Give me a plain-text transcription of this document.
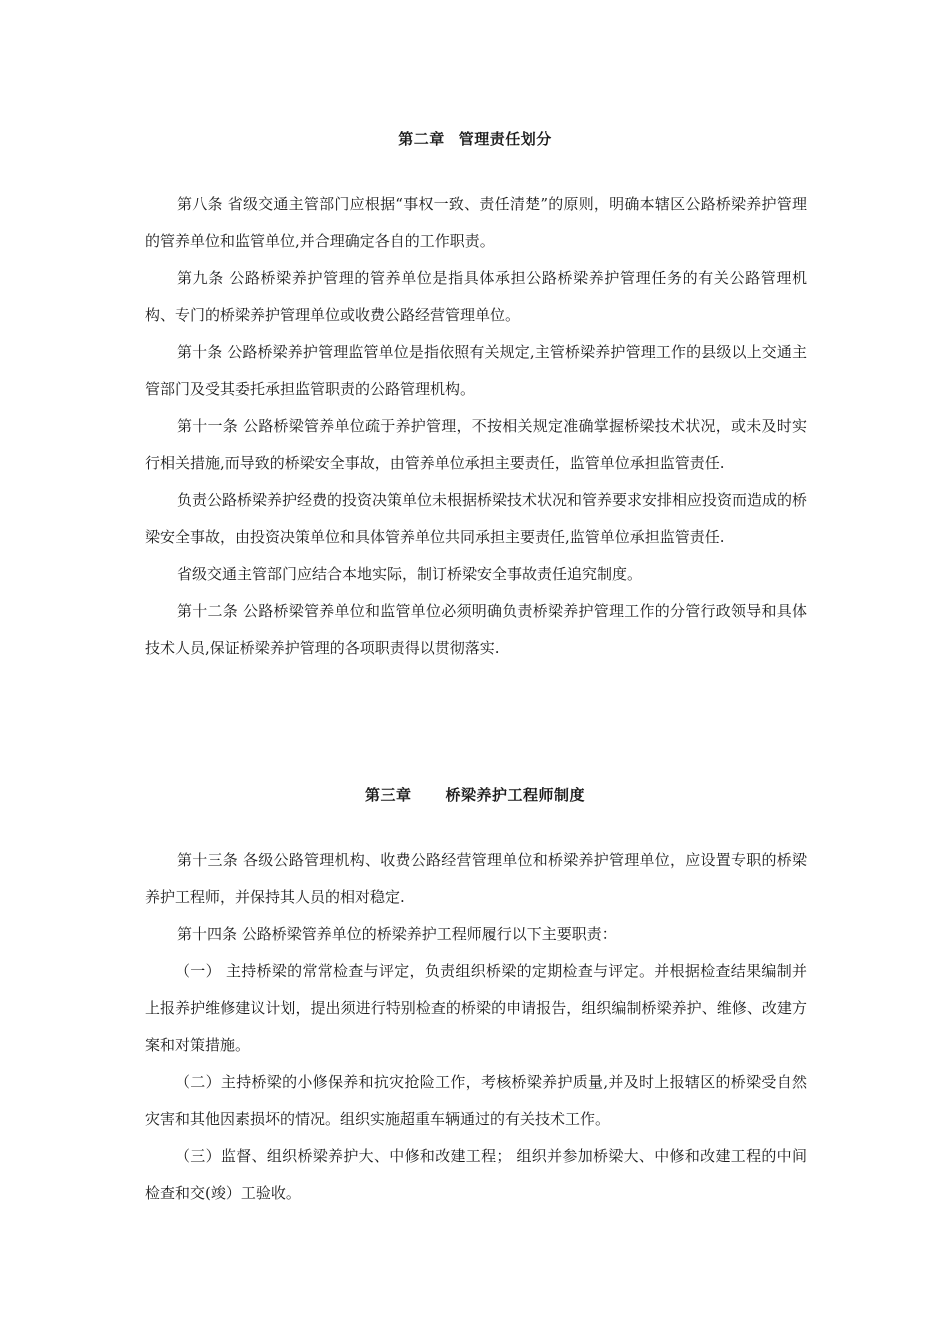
第二章 管理责任划分

第八条 省级交通主管部门应根据“事权一致、责任清楚”的原则，明确本辖区公路桥梁养护管理的管养单位和监管单位,并合理确定各自的工作职责。

第九条 公路桥梁养护管理的管养单位是指具体承担公路桥梁养护管理任务的有关公路管理机构、专门的桥梁养护管理单位或收费公路经营管理单位。

第十条 公路桥梁养护管理监管单位是指依照有关规定,主管桥梁养护管理工作的县级以上交通主管部门及受其委托承担监管职责的公路管理机构。

第十一条 公路桥梁管养单位疏于养护管理，不按相关规定准确掌握桥梁技术状况，或未及时实行相关措施,而导致的桥梁安全事故，由管养单位承担主要责任，监管单位承担监管责任.

负责公路桥梁养护经费的投资决策单位未根据桥梁技术状况和管养要求安排相应投资而造成的桥梁安全事故，由投资决策单位和具体管养单位共同承担主要责任,监管单位承担监管责任.

省级交通主管部门应结合本地实际，制订桥梁安全事故责任追究制度。

第十二条 公路桥梁管养单位和监管单位必须明确负责桥梁养护管理工作的分管行政领导和具体技术人员,保证桥梁养护管理的各项职责得以贯彻落实.

第三章 桥梁养护工程师制度

第十三条 各级公路管理机构、收费公路经营管理单位和桥梁养护管理单位，应设置专职的桥梁养护工程师，并保持其人员的相对稳定.

第十四条 公路桥梁管养单位的桥梁养护工程师履行以下主要职责：

（一） 主持桥梁的常常检查与评定，负责组织桥梁的定期检查与评定。并根据检查结果编制并上报养护维修建议计划，提出须进行特别检查的桥梁的申请报告，组织编制桥梁养护、维修、改建方案和对策措施。

（二）主持桥梁的小修保养和抗灾抢险工作，考核桥梁养护质量,并及时上报辖区的桥梁受自然灾害和其他因素损坏的情况。组织实施超重车辆通过的有关技术工作。

（三）监督、组织桥梁养护大、中修和改建工程； 组织并参加桥梁大、中修和改建工程的中间检查和交(竣）工验收。
